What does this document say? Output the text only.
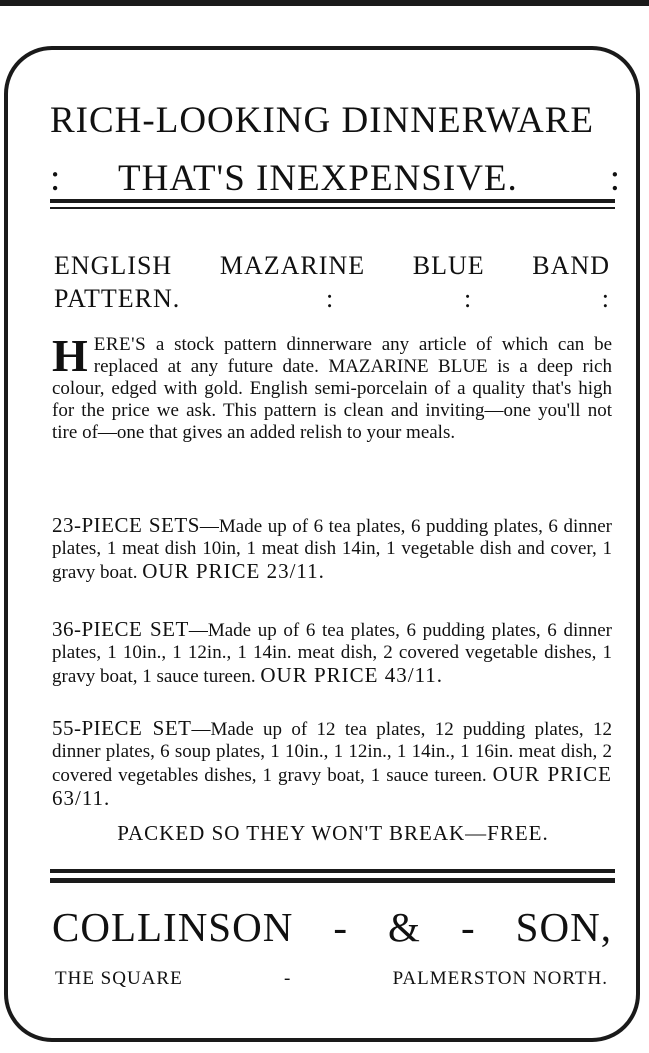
RICH-LOOKING DINNERWARE
: THAT'S INEXPENSIVE. :
ENGLISH MAZARINE BLUE BAND
PATTERN.	:	:	:
HERE'S a stock pattern dinnerware any article of which can be replaced at any future date. MAZARINE BLUE is a deep rich colour, edged with gold. English semi-porcelain of a quality that's high for the price we ask. This pattern is clean and inviting—one you'll not tire of—one that gives an added relish to your meals.
23-PIECE SETS—Made up of 6 tea plates, 6 pudding plates, 6 dinner plates, 1 meat dish 10in, 1 meat dish 14in, 1 vegetable dish and cover, 1 gravy boat. OUR PRICE 23/11.
36-PIECE SET—Made up of 6 tea plates, 6 pudding plates, 6 dinner plates, 1 10in., 1 12in., 1 14in. meat dish, 2 covered vegetable dishes, 1 gravy boat, 1 sauce tureen. OUR PRICE 43/11.
55-PIECE SET—Made up of 12 tea plates, 12 pudding plates, 12 dinner plates, 6 soup plates, 1 10in., 1 12in., 1 14in., 1 16in. meat dish, 2 covered vegetables dishes, 1 gravy boat, 1 sauce tureen. OUR PRICE 63/11.
PACKED SO THEY WON'T BREAK—FREE.
COLLINSON - & - SON,
THE SQUARE	-	PALMERSTON NORTH.
